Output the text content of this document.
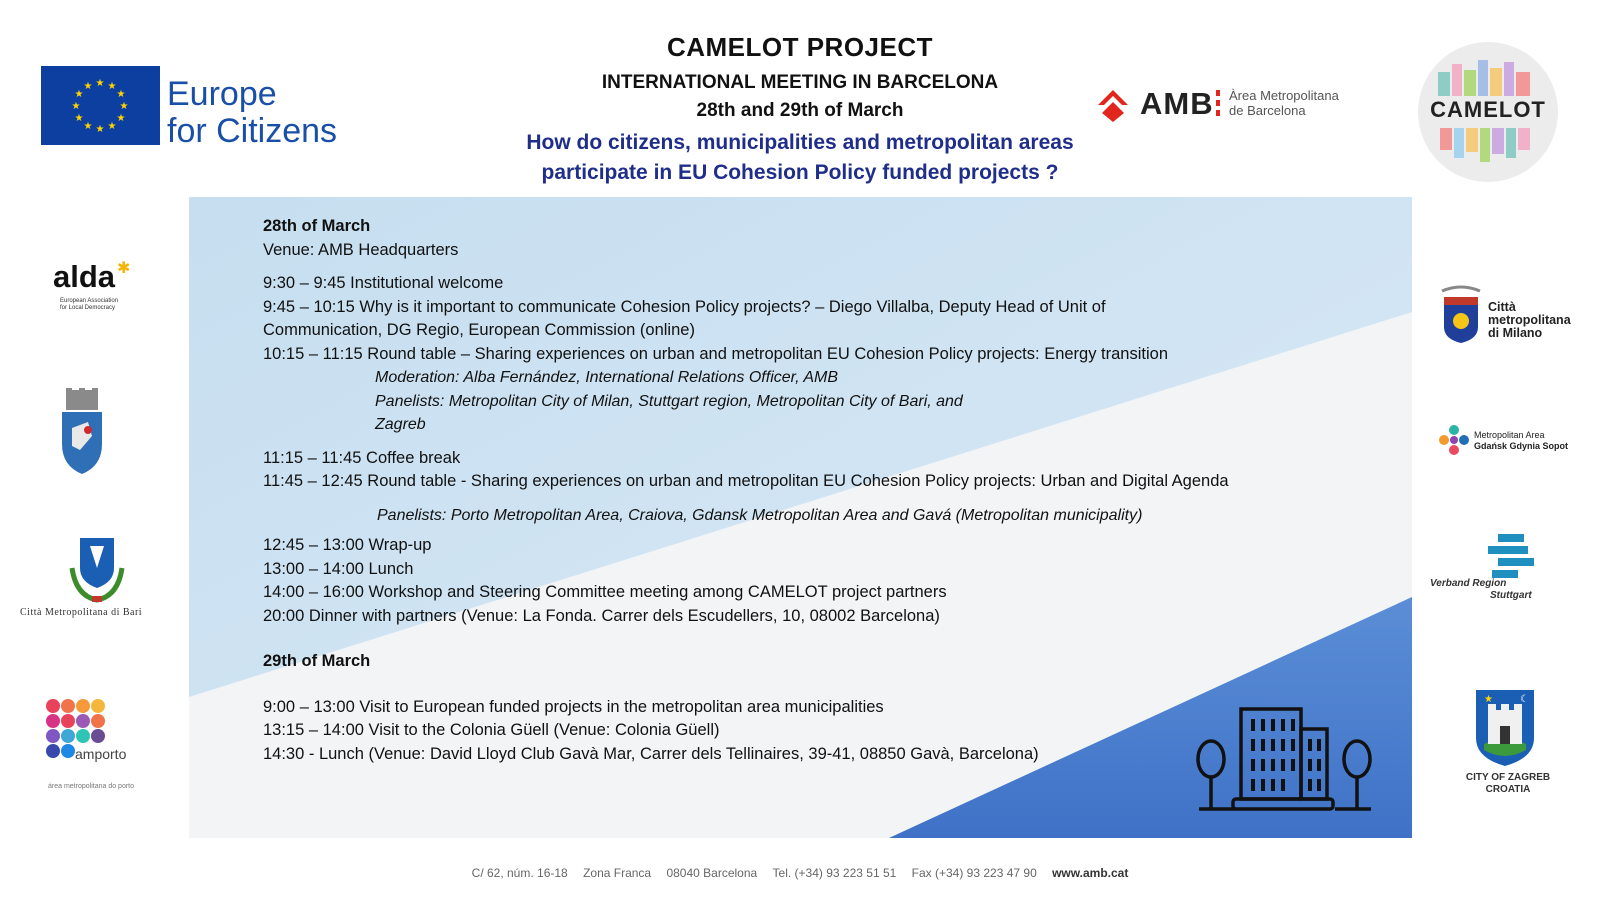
CAMELOT PROJECT
INTERNATIONAL MEETING IN BARCELONA
28th and 29th of March
How do citizens, municipalities and metropolitan areas
participate in EU Cohesion Policy funded projects ?
★ ★
★
★
★
★
★
★
★
★
★
★ Europe
for Citizens
AMB Àrea Metropolitana
de Barcelona	CAMELOT
28th of March
Venue: AMB Headquarters
9:30 – 9:45 Institutional welcome
9:45 – 10:15 Why is it important to communicate Cohesion Policy projects? – Diego Villalba, Deputy Head of Unit of
Communication, DG Regio, European Commission (online)
10:15 – 11:15 Round table – Sharing experiences on urban and metropolitan EU Cohesion Policy projects: Energy transition
Moderation: Alba Fernández, International Relations Officer, AMB
Panelists: Metropolitan City of Milan, Stuttgart region, Metropolitan City of Bari, and
Zagreb
11:15 – 11:45 Coffee break
11:45 – 12:45 Round table - Sharing experiences on urban and metropolitan EU Cohesion Policy projects: Urban and Digital Agenda
Panelists: Porto Metropolitan Area, Craiova, Gdansk Metropolitan Area and Gavá (Metropolitan municipality)
12:45 – 13:00 Wrap-up
13:00 – 14:00 Lunch
14:00 – 16:00 Workshop and Steering Committee meeting among CAMELOT project partners
20:00 Dinner with partners (Venue: La Fonda. Carrer dels Escudellers, 10, 08002 Barcelona)
29th of March
9:00 – 13:00 Visit to European funded projects in the metropolitan area municipalities
13:15 – 14:00 Visit to the Colonia Güell (Venue: Colonia Güell)
14:30 - Lunch (Venue: David Lloyd Club Gavà Mar, Carrer dels Tellinaires, 39-41, 08850 Gavà, Barcelona)
alda ✱
European Association
for Local Democracy
Città Metropolitana di Bari
amporto
área metropolitana do porto
Città
metropolitana
di Milano
Metropolitan Area
Gdańsk Gdynia Sopot
Verband Region
Stuttgart
★	☾
CITY OF ZAGREB
CROATIA
C/ 62, núm. 16-18 Zona Franca 08040 Barcelona Tel. (+34) 93 223 51 51 Fax (+34) 93 223 47 90 www.amb.cat
